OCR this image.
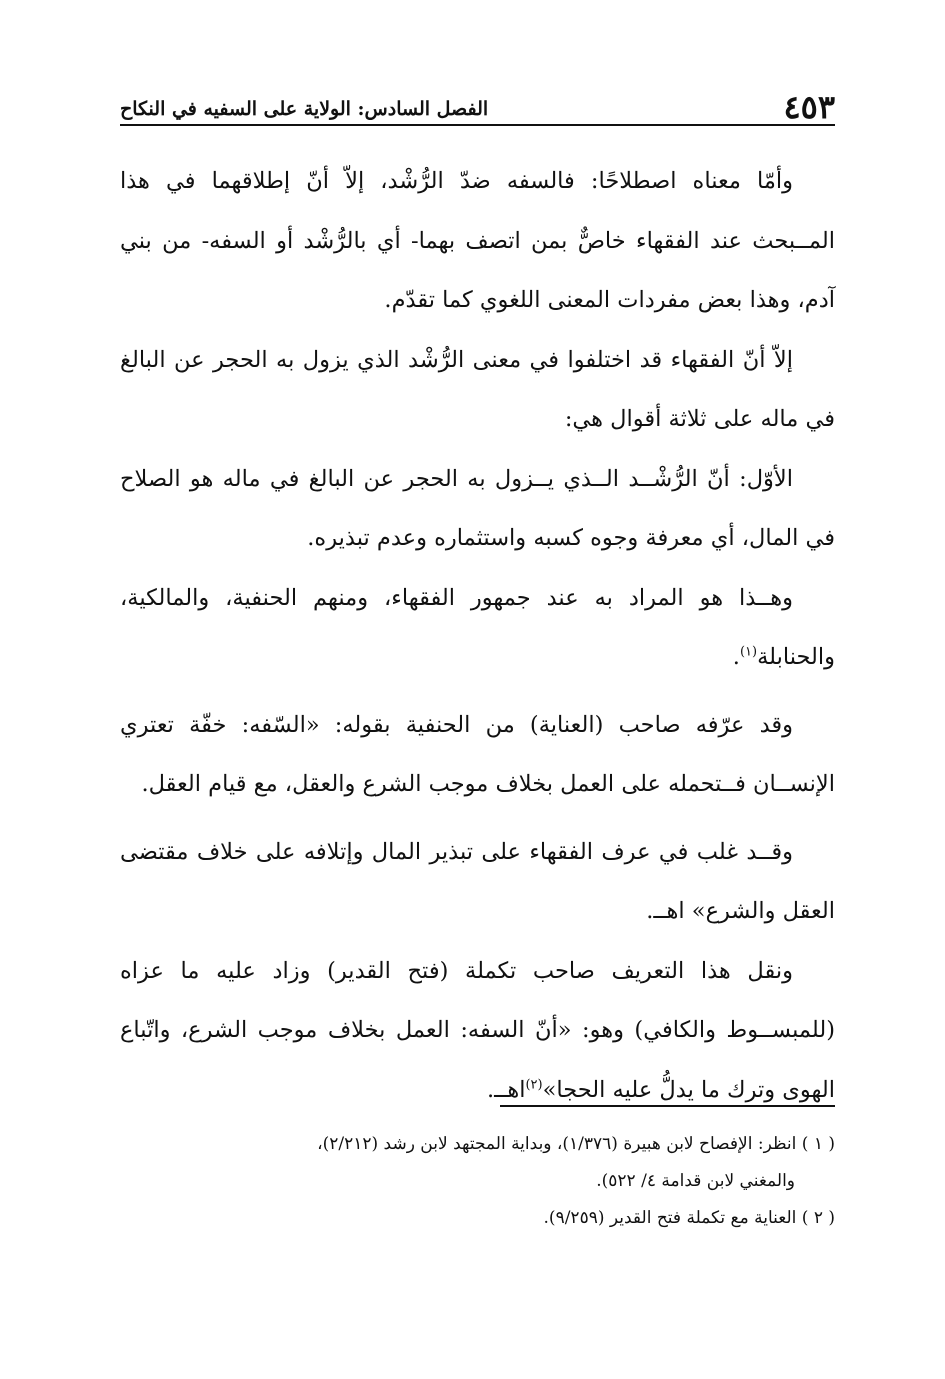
٤٥٣
الفصل السادس: الولاية على السفيه في النكاح

وأمّا معناه اصطلاحًا: فالسفه ضدّ الرُّشْد، إلاّ أنّ إطلاقهما في هذا المــبحث عند الفقهاء خاصٌّ بمن اتصف بهما- أي بالرُّشْد أو السفه- من بني آدم، وهذا بعض مفردات المعنى اللغوي كما تقدّم.

إلاّ أنّ الفقهاء قد اختلفوا في معنى الرُّشْد الذي يزول به الحجر عن البالغ في ماله على ثلاثة أقوال هي:

الأوّل: أنّ الرُّشْــد الــذي يــزول به الحجر عن البالغ في ماله هو الصلاح في المال، أي معرفة وجوه كسبه واستثماره وعدم تبذيره.

وهــذا هو المراد به عند جمهور الفقهاء، ومنهم الحنفية، والمالكية، والحنابلة$^{(١)}$.

وقد عرّفه صاحب (العناية) من الحنفية بقوله: «السّفه: خفّة تعتري الإنســان فــتحمله على العمل بخلاف موجب الشرع والعقل، مع قيام العقل.

وقــد غلب في عرف الفقهاء على تبذير المال وإتلافه على خلاف مقتضى العقل والشرع» اهــ.

ونقل هذا التعريف صاحب تكملة (فتح القدير) وزاد عليه ما عزاه (للمبســوط والكافي) وهو: «أنّ السفه: العمل بخلاف موجب الشرع، واتّباع الهوى وترك ما يدلُّ عليه الحجا»$^{(٢)}$اهــ.

( ١ ) انظر: الإفصاح لابن هبيرة (١/٣٧٦)، وبداية المجتهد لابن رشد (٢/٢١٢)،

والمغني لابن قدامة ٤/ ٥٢٢).

( ٢ ) العناية مع تكملة فتح القدير (٩/٢٥٩).
